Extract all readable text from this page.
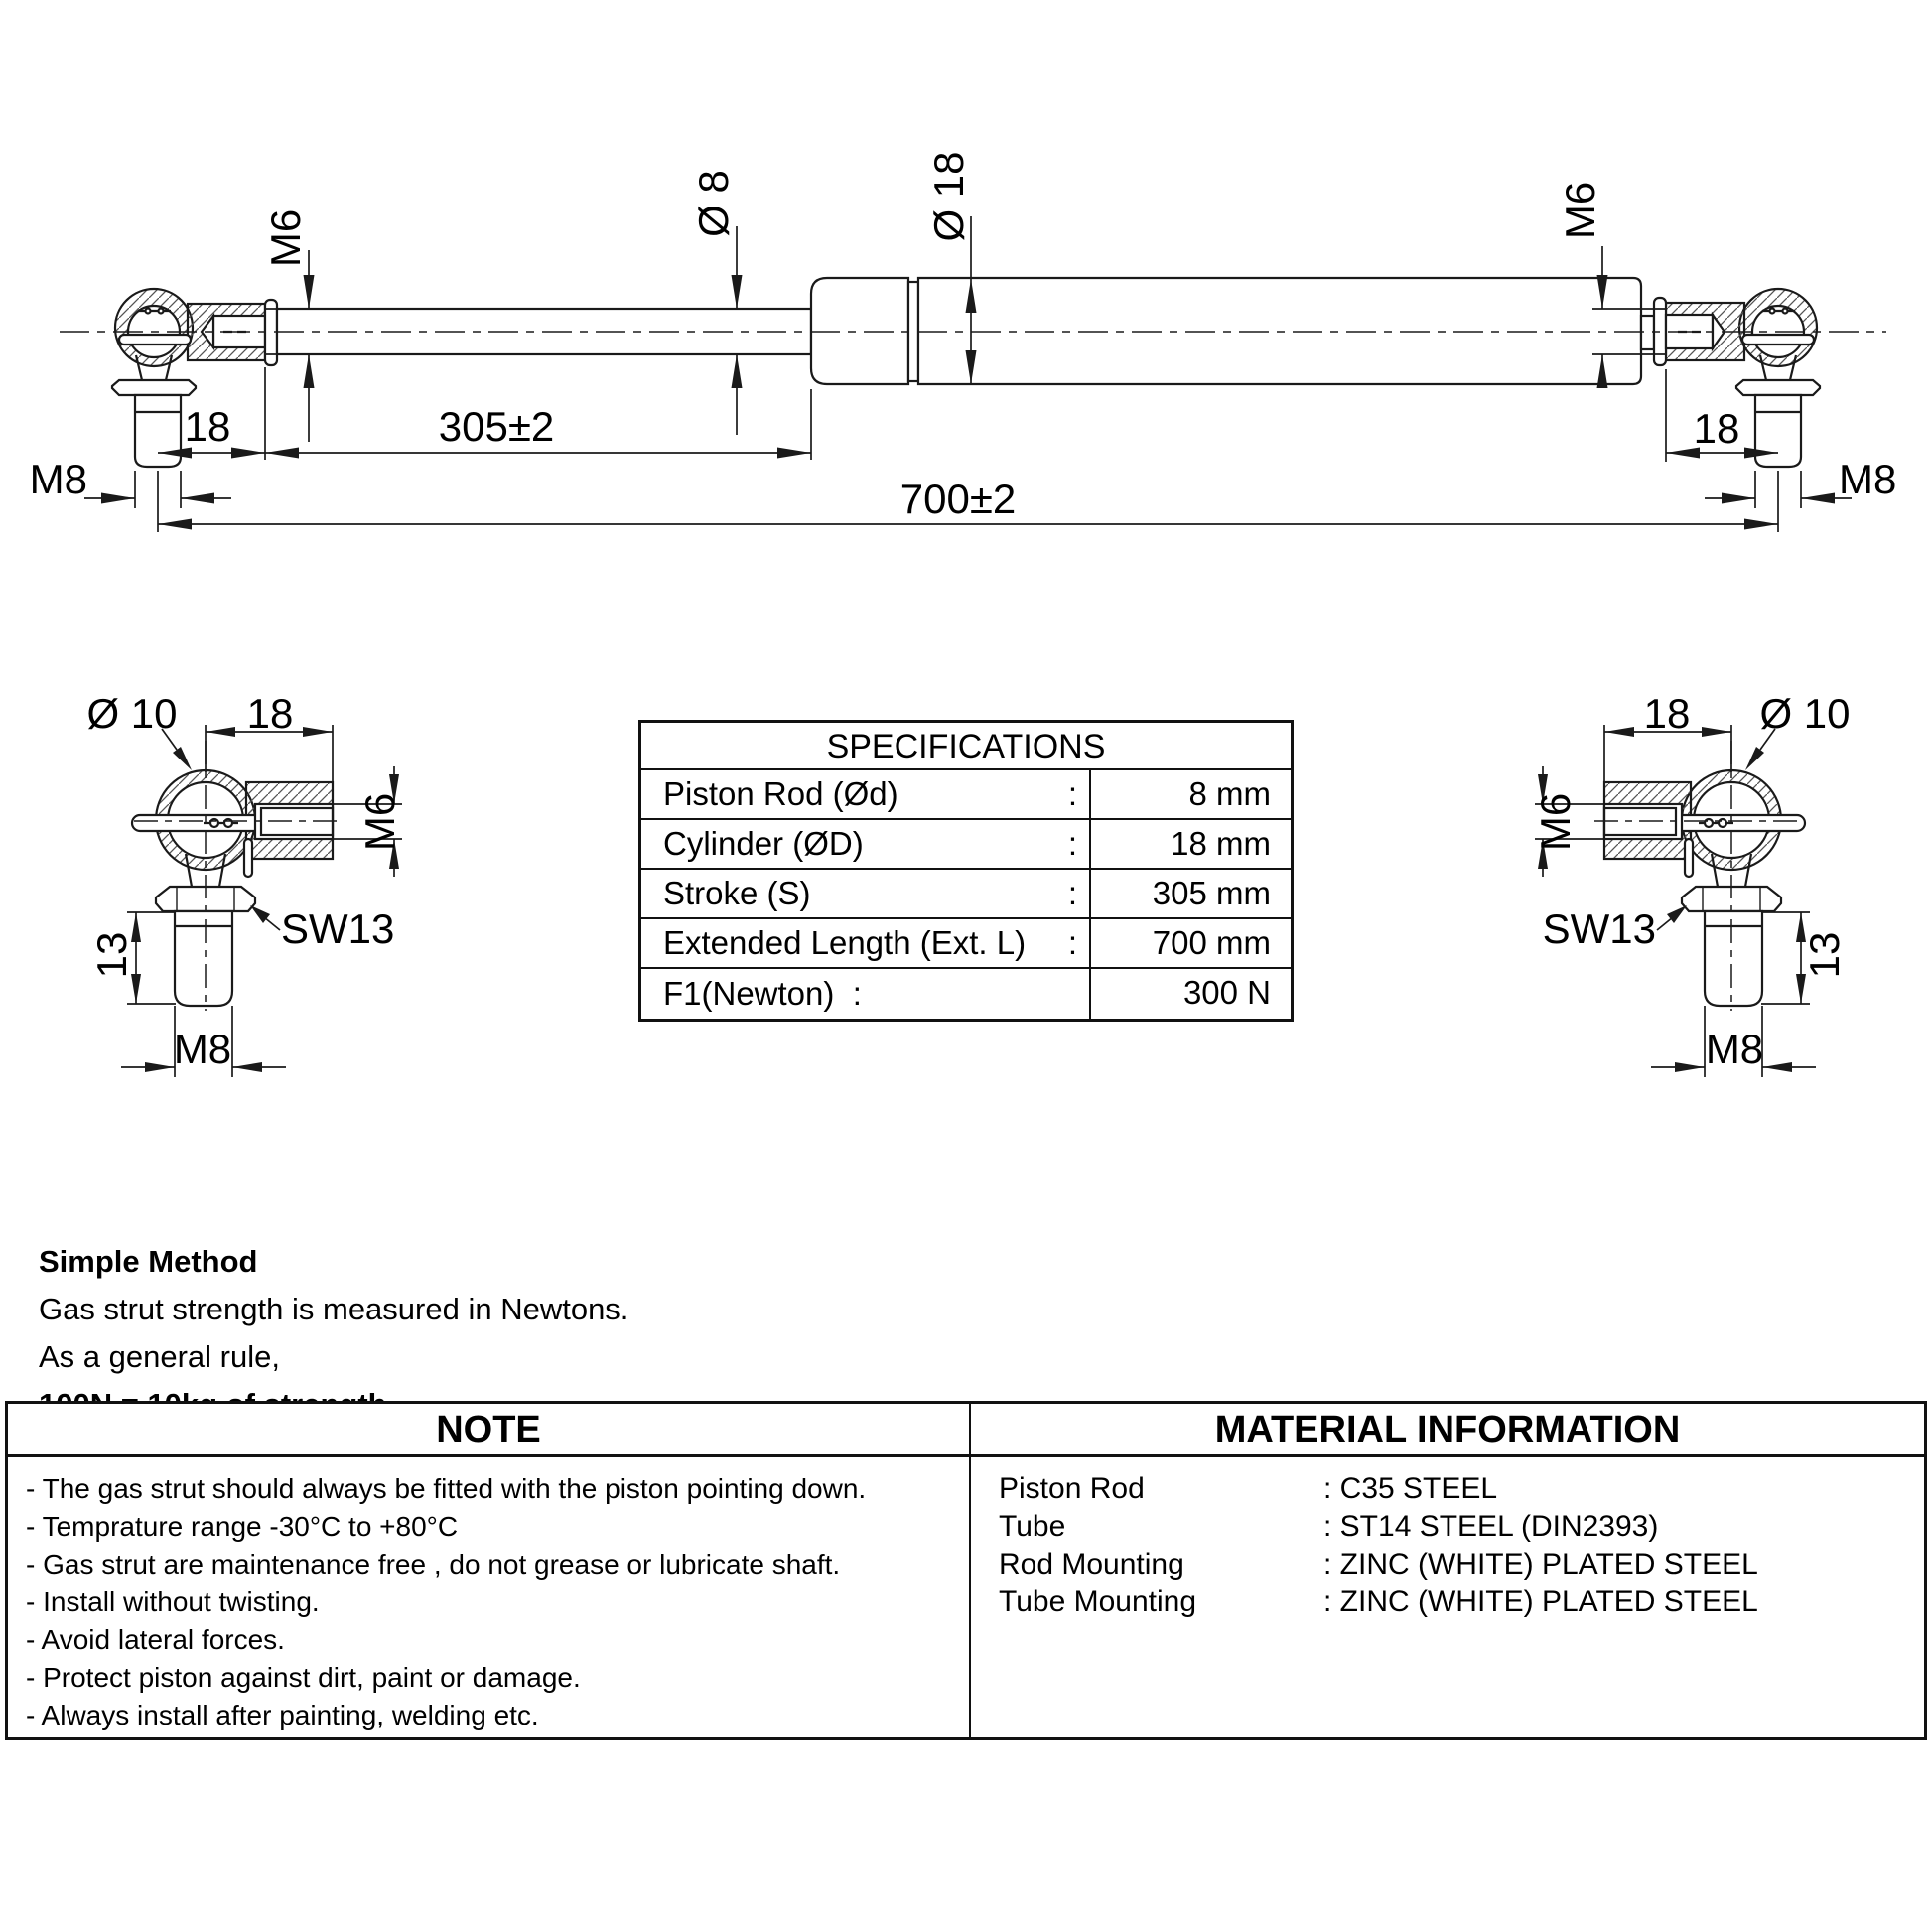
18	305±2	18
700±2
M8	M8
M6
Ø 8	Ø 18	M6
Ø 10 18
M6
SW13
13
M8
18 Ø 10
M6
SW13
13
M8
SPECIFICATIONS
Piston Rod (Ød)	:	8 mm
Cylinder (ØD)	:	18 mm
Stroke (S)	:	305 mm
Extended Length (Ext. L) :	700 mm
F1(Newton)  :	300 N
Simple Method
Gas strut strength is measured in Newtons.
As a general rule,
NOTE
- The gas strut should always be fitted with the piston pointing down.
- Temprature range -30°C to +80°C
- Gas strut are maintenance free , do not grease or lubricate shaft.
- Install without twisting.
- Avoid lateral forces.
- Protect piston against dirt, paint or damage.
- Always install after painting, welding etc.
MATERIAL INFORMATION
Piston Rod	: C35 STEEL
Tube	: ST14 STEEL (DIN2393)
Rod Mounting	: ZINC (WHITE) PLATED STEEL
Tube Mounting	: ZINC (WHITE) PLATED STEEL
